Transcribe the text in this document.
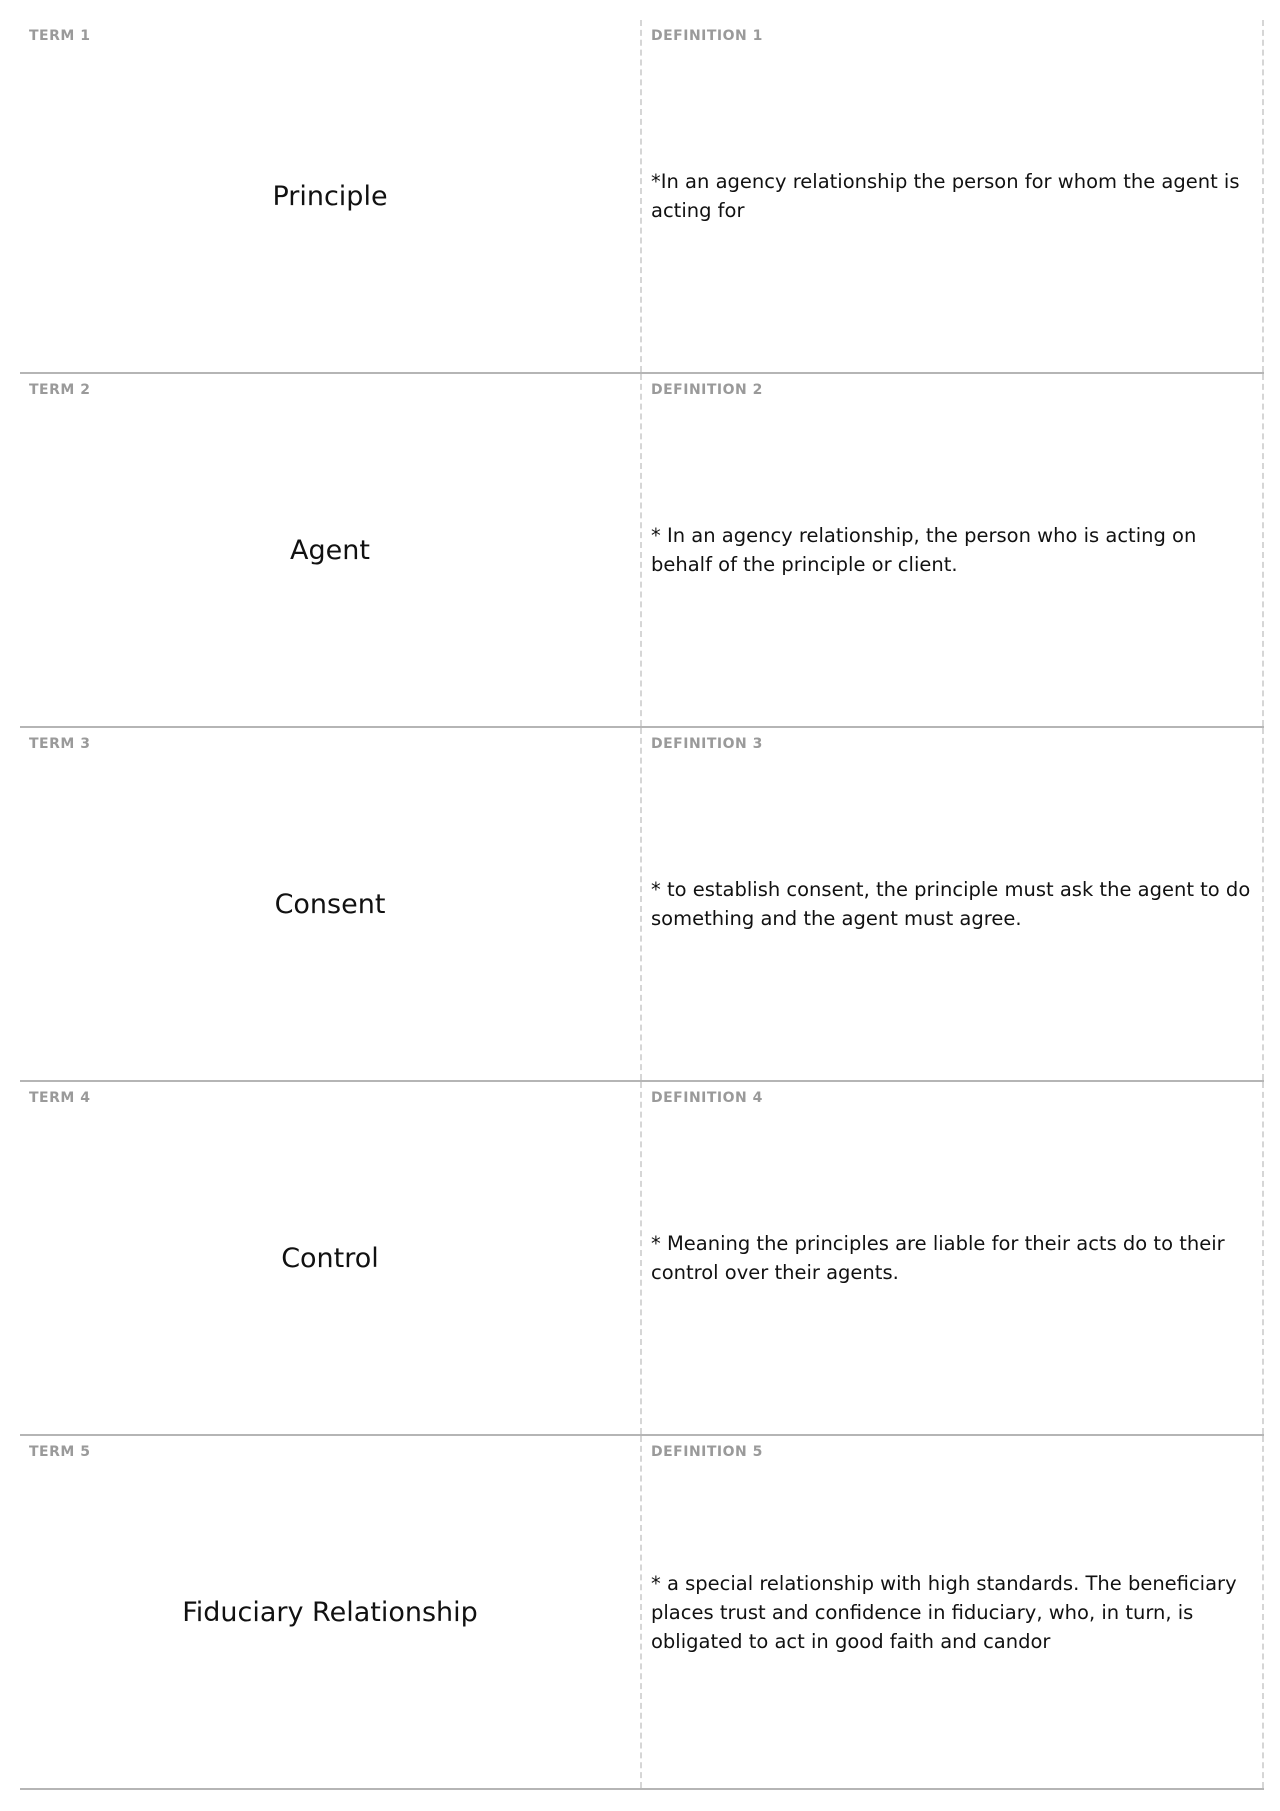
TERM 1
Principle
DEFINITION 1
*In an agency relationship the person for whom the agent is acting for
TERM 2
Agent
DEFINITION 2
* In an agency relationship, the person who is acting on behalf of the principle or client.
TERM 3
Consent
DEFINITION 3
* to establish consent, the principle must ask the agent to do something and the agent must agree.
TERM 4
Control
DEFINITION 4
* Meaning the principles are liable for their acts do to their control over their agents.
TERM 5
Fiduciary Relationship
DEFINITION 5
* a special relationship with high standards. The beneficiary places trust and confidence in fiduciary, who, in turn, is obligated to act in good faith and candor
